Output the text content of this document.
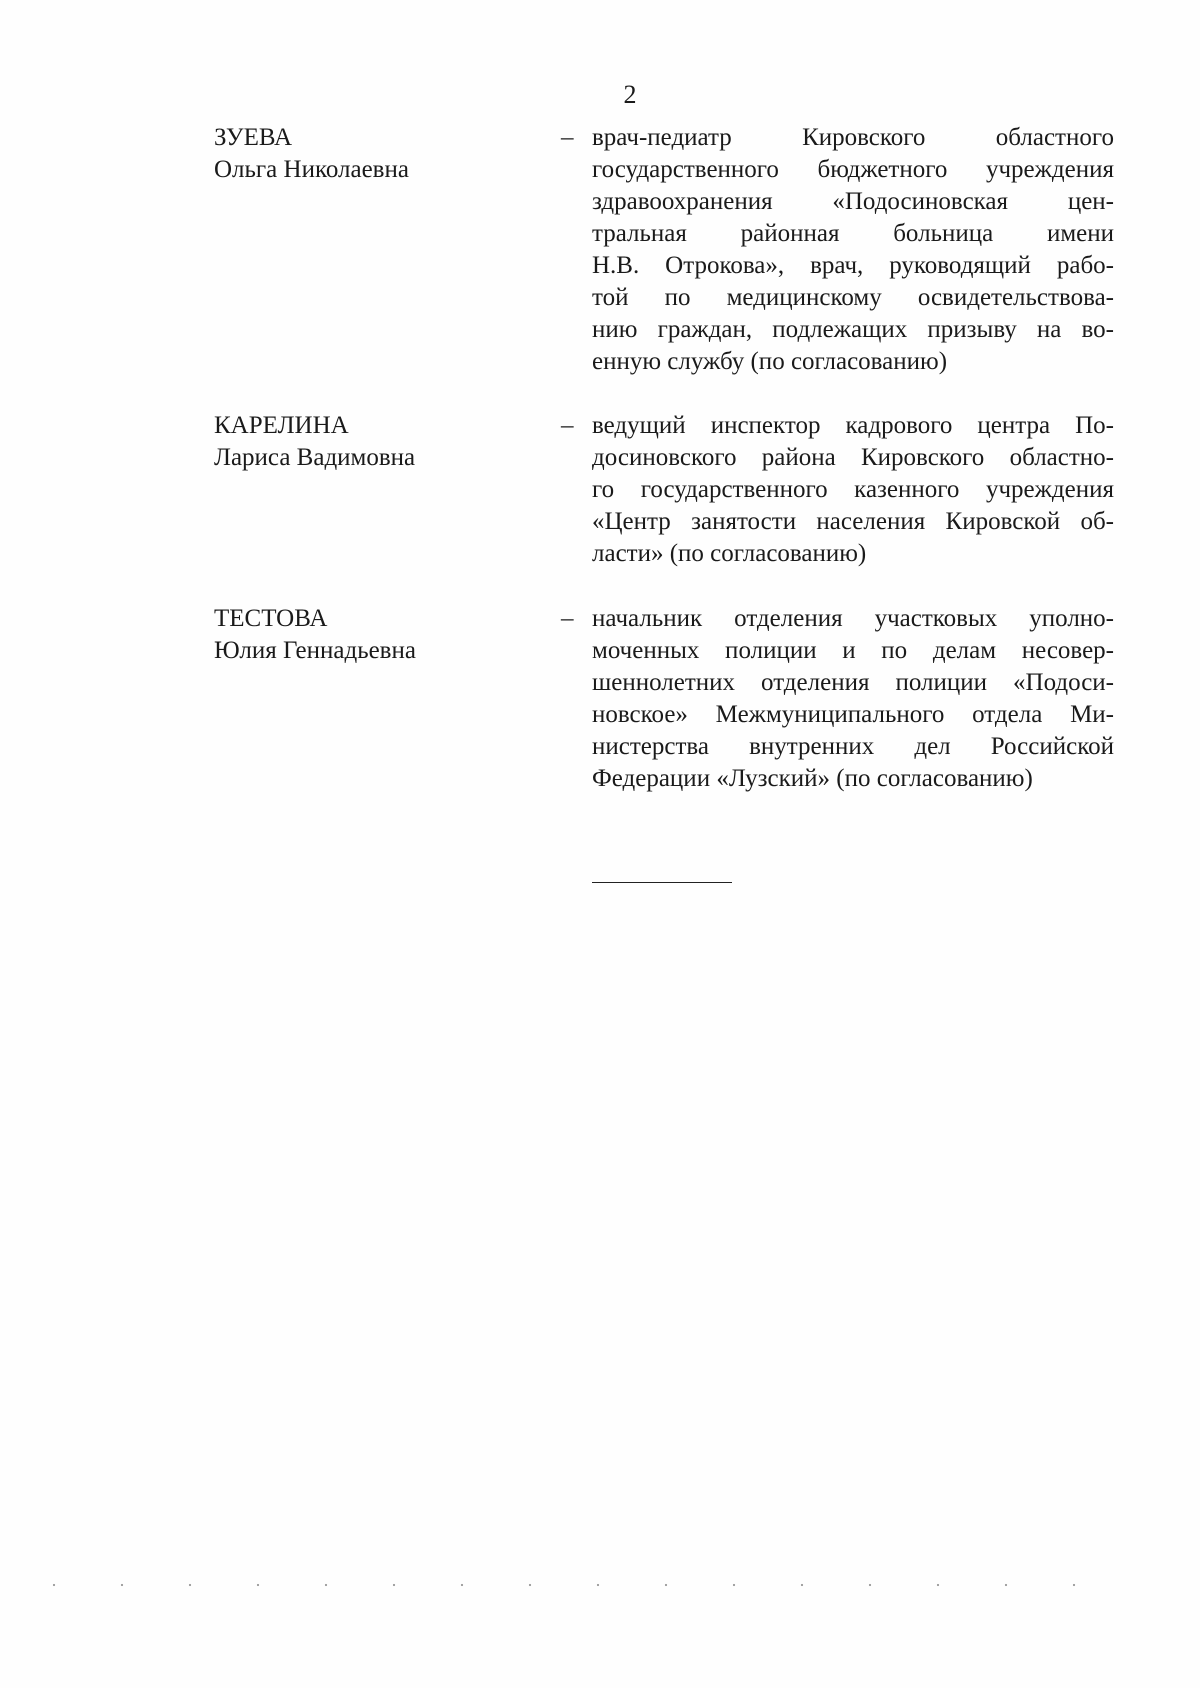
2
ЗУЕВА
Ольга Николаевна
– врач-педиатр Кировского областного
государственного бюджетного учреждения
здравоохранения «Подосиновская цен-
тральная районная больница имени
Н.В. Отрокова», врач, руководящий рабо-
той по медицинскому освидетельствова-
нию граждан, подлежащих призыву на во-
енную службу (по согласованию)
КАРЕЛИНА
Лариса Вадимовна
– ведущий инспектор кадрового центра По-
досиновского района Кировского областно-
го государственного казенного учреждения
«Центр занятости населения Кировской об-
ласти» (по согласованию)
ТЕСТОВА
Юлия Геннадьевна
– начальник отделения участковых уполно-
моченных полиции и по делам несовер-
шеннолетних отделения полиции «Подоси-
новское» Межмуниципального отдела Ми-
нистерства внутренних дел Российской
Федерации «Лузский» (по согласованию)
